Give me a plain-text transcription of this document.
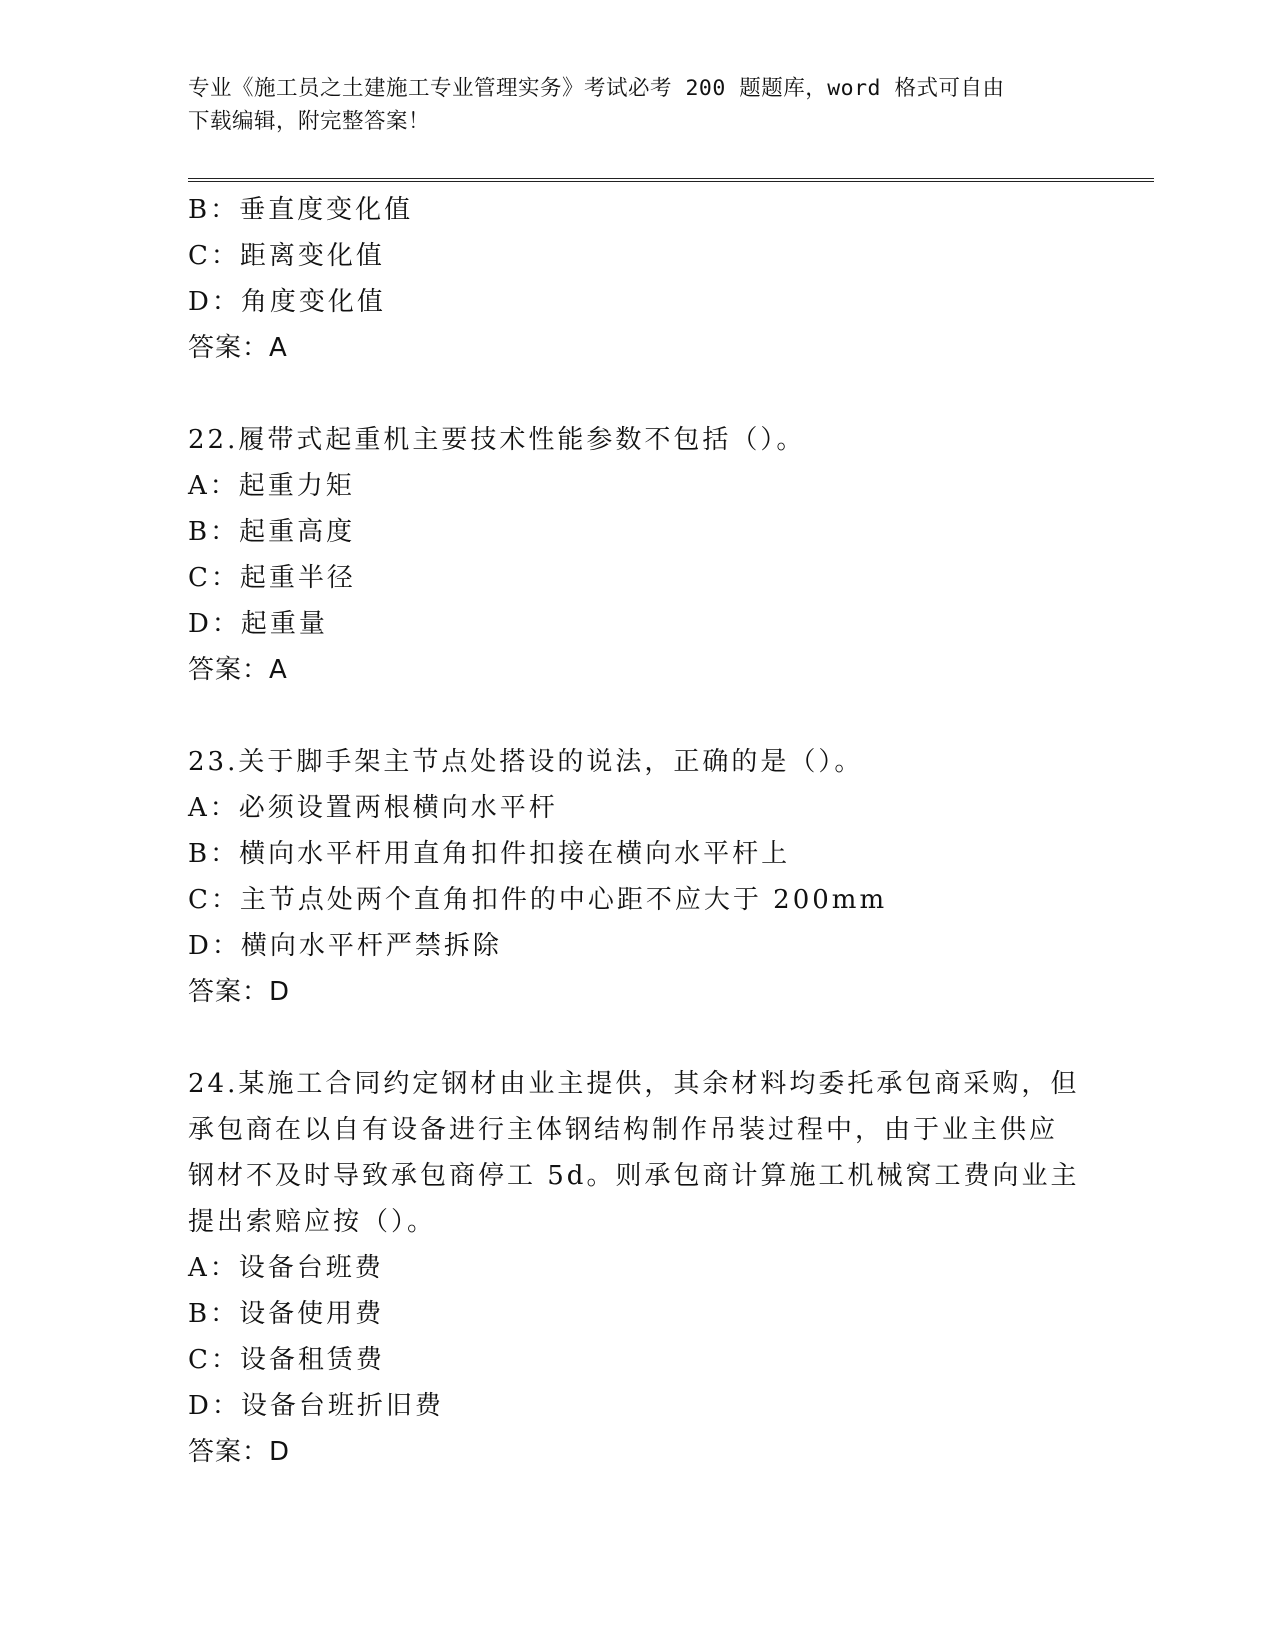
专业《施工员之土建施工专业管理实务》考试必考 200 题题库，word 格式可自由
下载编辑，附完整答案！
B：垂直度变化值
C：距离变化值
D：角度变化值
答案：A
22.履带式起重机主要技术性能参数不包括（）。
A：起重力矩
B：起重高度
C：起重半径
D：起重量
答案：A
23.关于脚手架主节点处搭设的说法，正确的是（）。
A：必须设置两根横向水平杆
B：横向水平杆用直角扣件扣接在横向水平杆上
C：主节点处两个直角扣件的中心距不应大于 200mm
D：横向水平杆严禁拆除
答案：D
24.某施工合同约定钢材由业主提供，其余材料均委托承包商采购，但
承包商在以自有设备进行主体钢结构制作吊装过程中，由于业主供应
钢材不及时导致承包商停工 5d。则承包商计算施工机械窝工费向业主
提出索赔应按（）。
A：设备台班费
B：设备使用费
C：设备租赁费
D：设备台班折旧费
答案：D
